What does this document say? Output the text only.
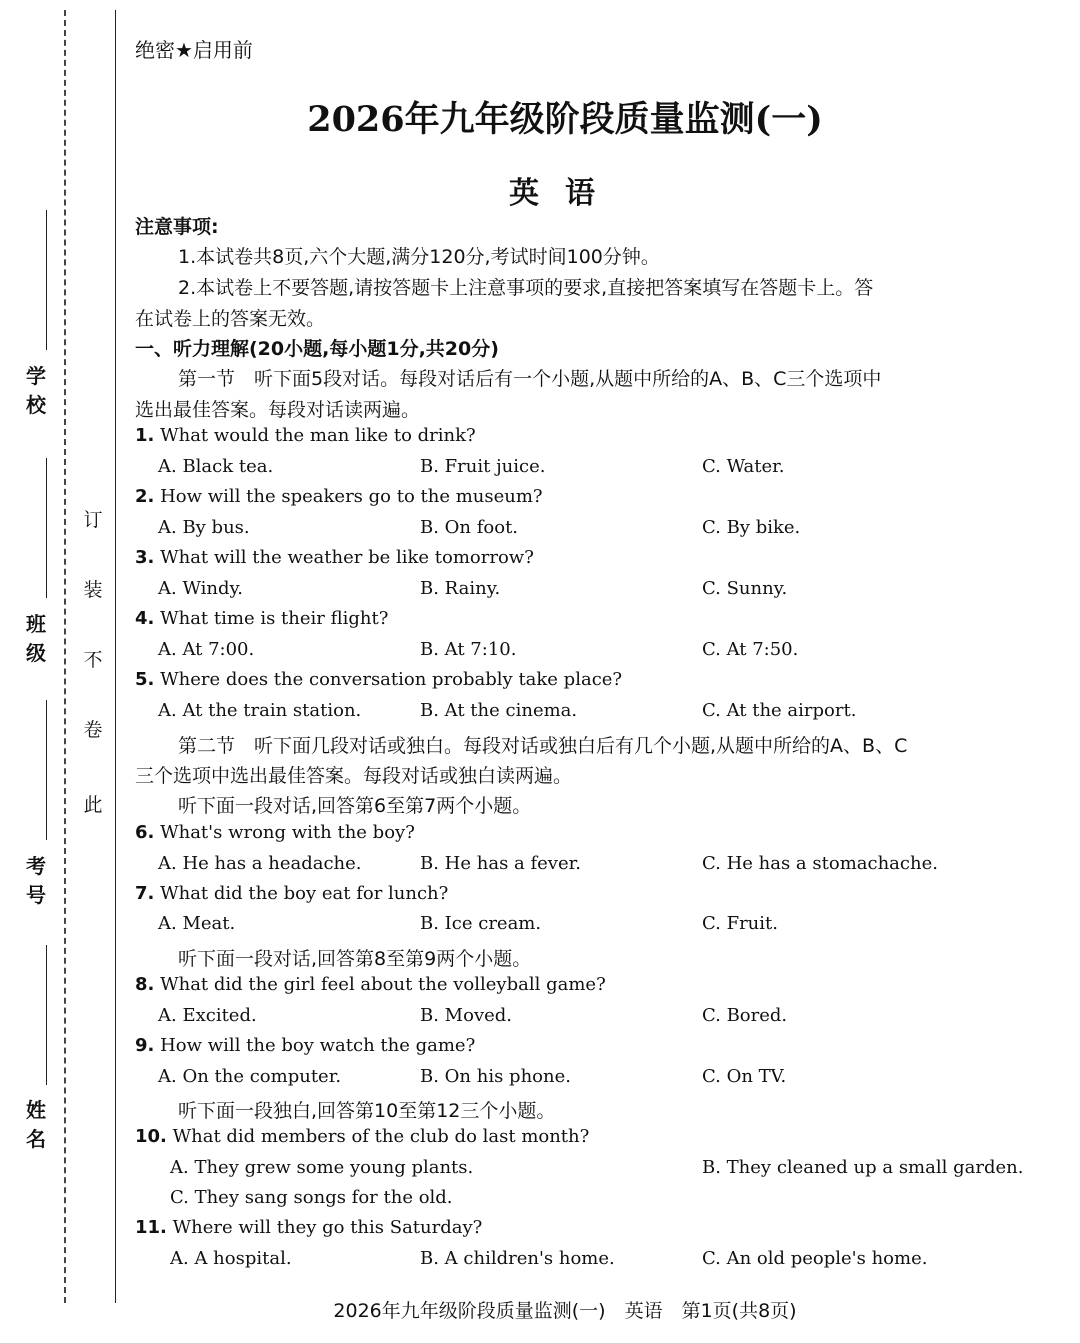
学校
班级
考号
姓名
订
装
不
卷
此
绝密★启用前
2026年九年级阶段质量监测(一)
英语
注意事项:
1.本试卷共8页,六个大题,满分120分,考试时间100分钟。
2.本试卷上不要答题,请按答题卡上注意事项的要求,直接把答案填写在答题卡上。答
在试卷上的答案无效。
一、听力理解(20小题,每小题1分,共20分)
第一节　听下面5段对话。每段对话后有一个小题,从题中所给的A、B、C三个选项中
选出最佳答案。每段对话读两遍。
1. What would the man like to drink?
A. Black tea.	B. Fruit juice.	C. Water.
2. How will the speakers go to the museum?
A. By bus.	B. On foot.	C. By bike.
3. What will the weather be like tomorrow?
A. Windy.	B. Rainy.	C. Sunny.
4. What time is their flight?
A. At 7:00.	B. At 7:10.	C. At 7:50.
5. Where does the conversation probably take place?
A. At the train station.	B. At the cinema.	C. At the airport.
第二节　听下面几段对话或独白。每段对话或独白后有几个小题,从题中所给的A、B、C
三个选项中选出最佳答案。每段对话或独白读两遍。
听下面一段对话,回答第6至第7两个小题。
6. What's wrong with the boy?
A. He has a headache.	B. He has a fever.	C. He has a stomachache.
7. What did the boy eat for lunch?
A. Meat.	B. Ice cream.	C. Fruit.
听下面一段对话,回答第8至第9两个小题。
8. What did the girl feel about the volleyball game?
A. Excited.	B. Moved.	C. Bored.
9. How will the boy watch the game?
A. On the computer.	B. On his phone.	C. On TV.
听下面一段独白,回答第10至第12三个小题。
10. What did members of the club do last month?
A. They grew some young plants.	B. They cleaned up a small garden.
C. They sang songs for the old.
11. Where will they go this Saturday?
A. A hospital.	B. A children's home.	C. An old people's home.
2026年九年级阶段质量监测(一)　英语　第1页(共8页)
